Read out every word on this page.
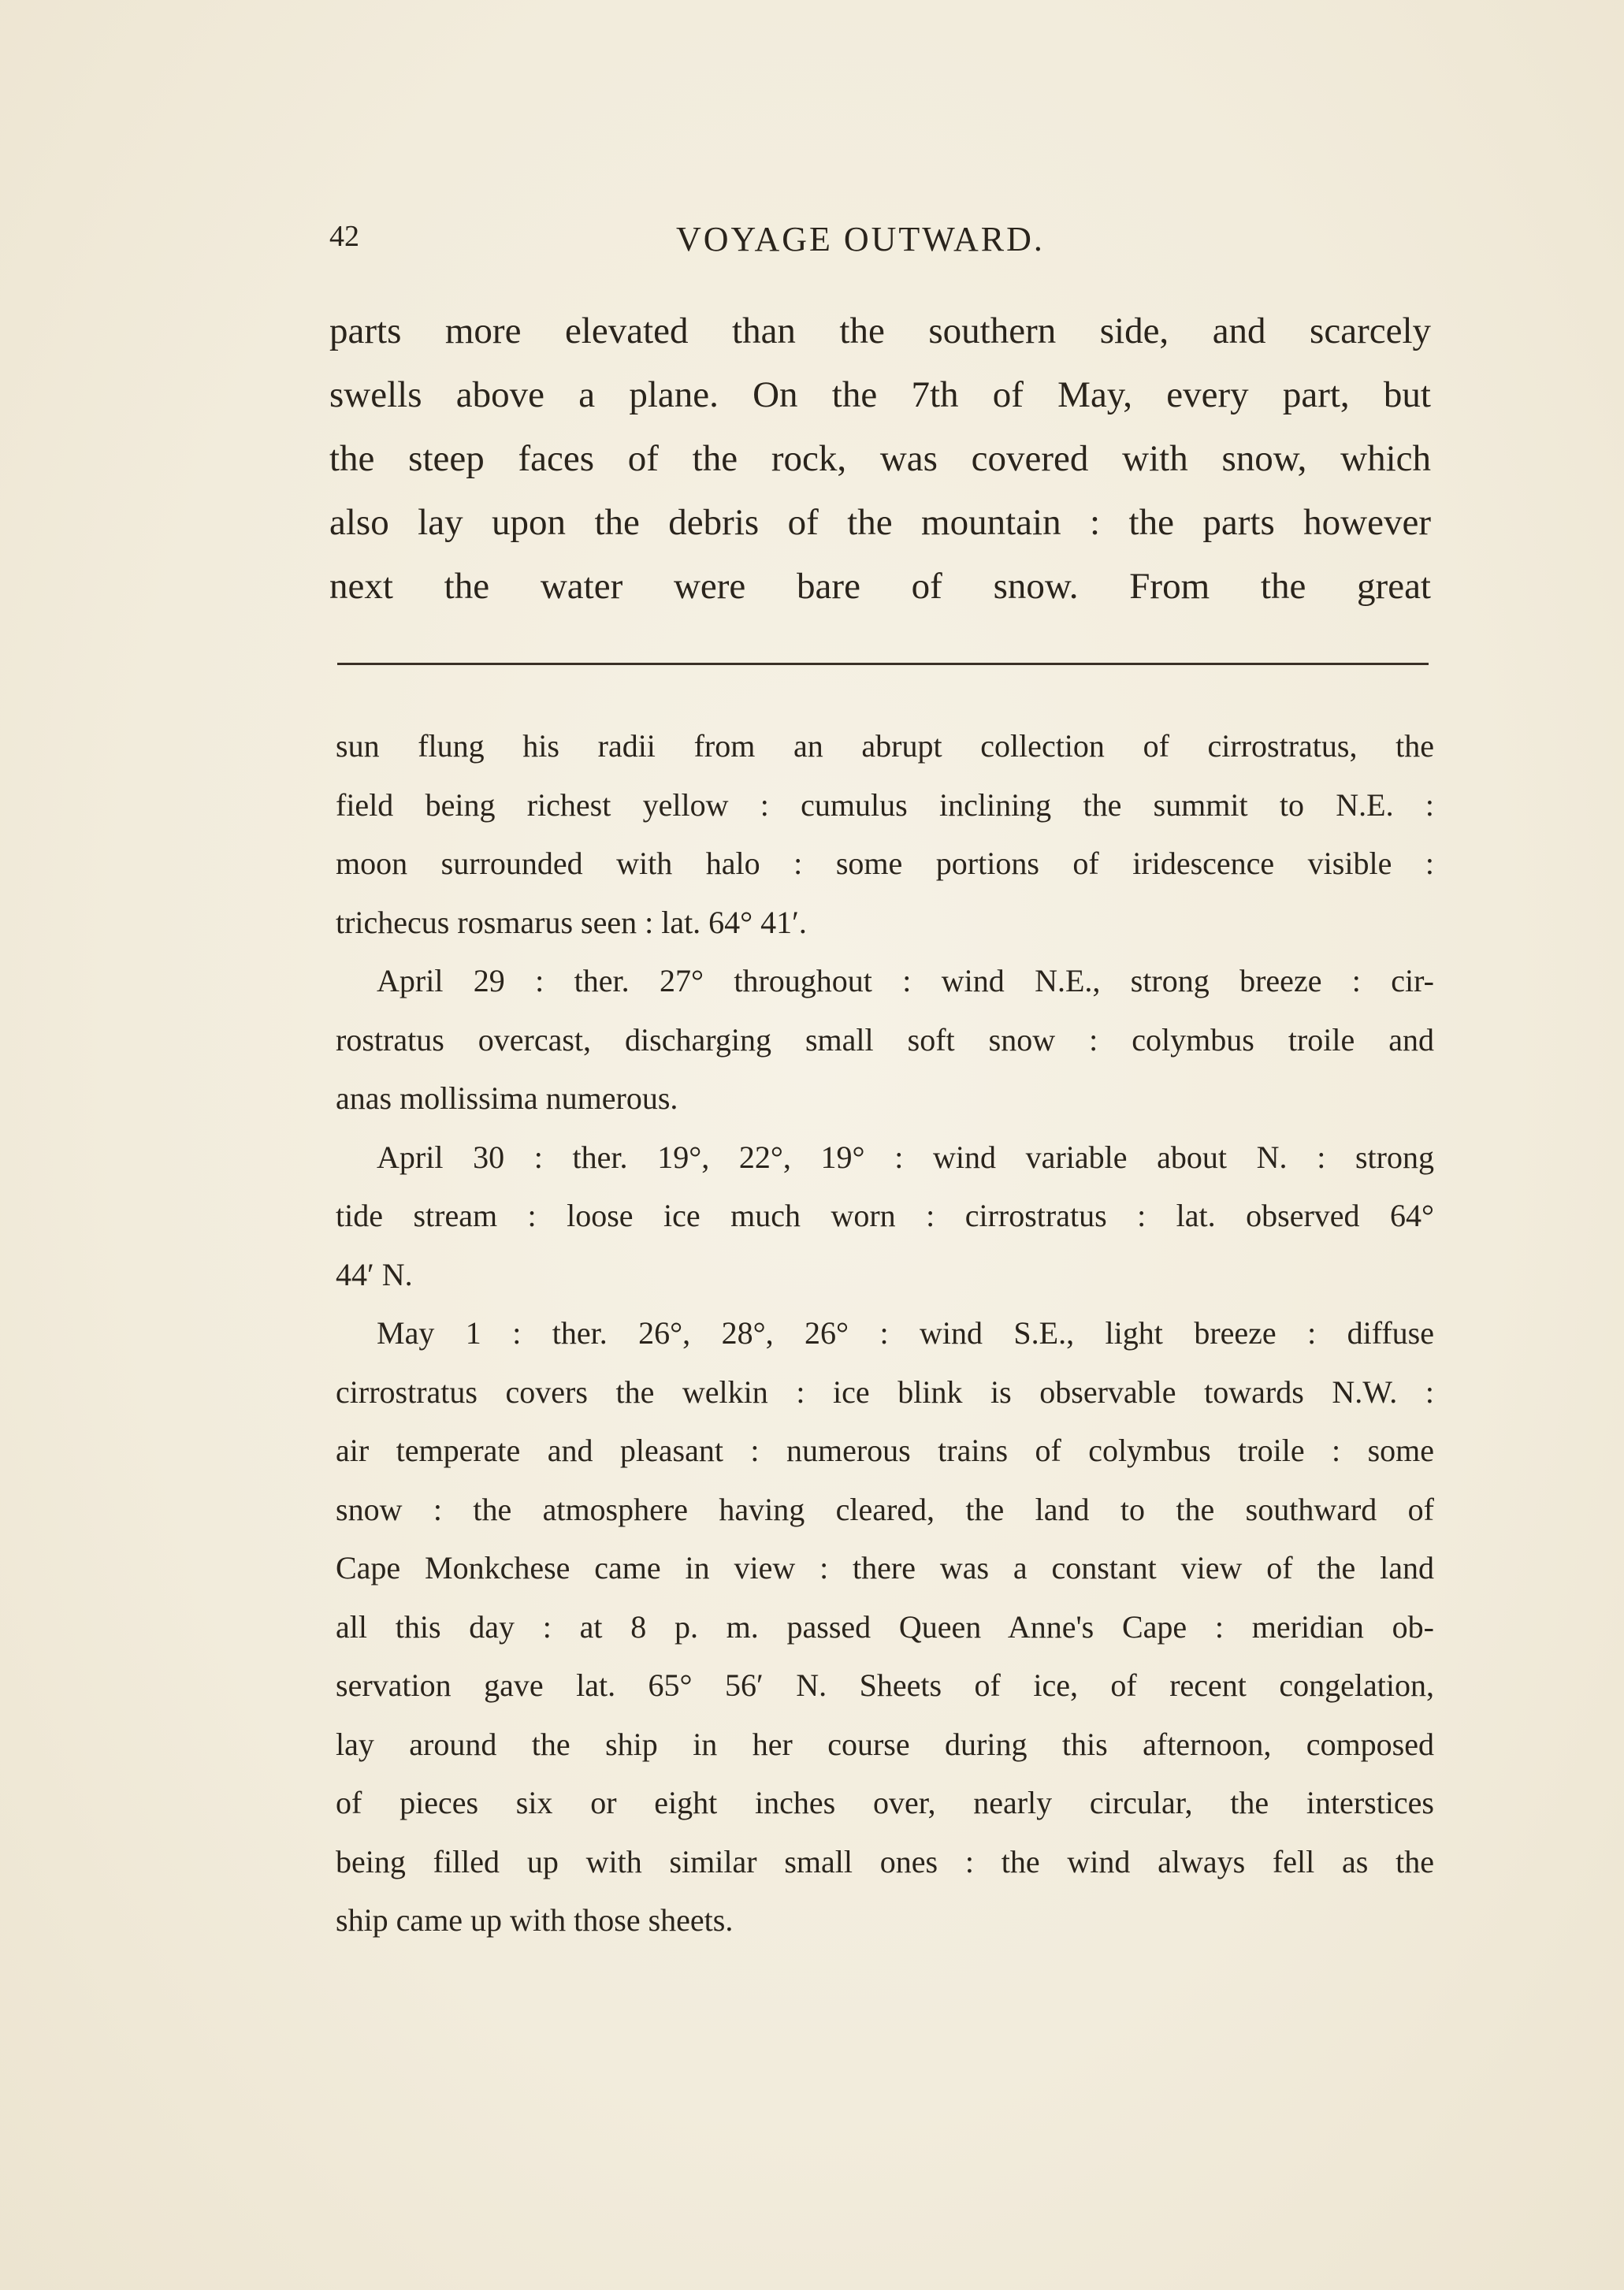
42	VOYAGE OUTWARD.
parts more elevated than the southern side, and scarcely
swells above a plane. On the 7th of May, every part, but
the steep faces of the rock, was covered with snow, which
also lay upon the debris of the mountain : the parts however
next the water were bare of snow. From the great
sun flung his radii from an abrupt collection of cirrostratus, the
field being richest yellow : cumulus inclining the summit to N.E. :
moon surrounded with halo : some portions of iridescence visible :
trichecus rosmarus seen : lat. 64° 41′.
April 29 : ther. 27° throughout : wind N.E., strong breeze : cir-
rostratus overcast, discharging small soft snow : colymbus troile and
anas mollissima numerous.
April 30 : ther. 19°, 22°, 19° : wind variable about N. : strong
tide stream : loose ice much worn : cirrostratus : lat. observed 64°
44′ N.
May 1 : ther. 26°, 28°, 26° : wind S.E., light breeze : diffuse
cirrostratus covers the welkin : ice blink is observable towards N.W. :
air temperate and pleasant : numerous trains of colymbus troile : some
snow : the atmosphere having cleared, the land to the southward of
Cape Monkchese came in view : there was a constant view of the land
all this day : at 8 p. m. passed Queen Anne's Cape : meridian ob-
servation gave lat. 65° 56′ N. Sheets of ice, of recent congelation,
lay around the ship in her course during this afternoon, composed
of pieces six or eight inches over, nearly circular, the interstices
being filled up with similar small ones : the wind always fell as the
ship came up with those sheets.
